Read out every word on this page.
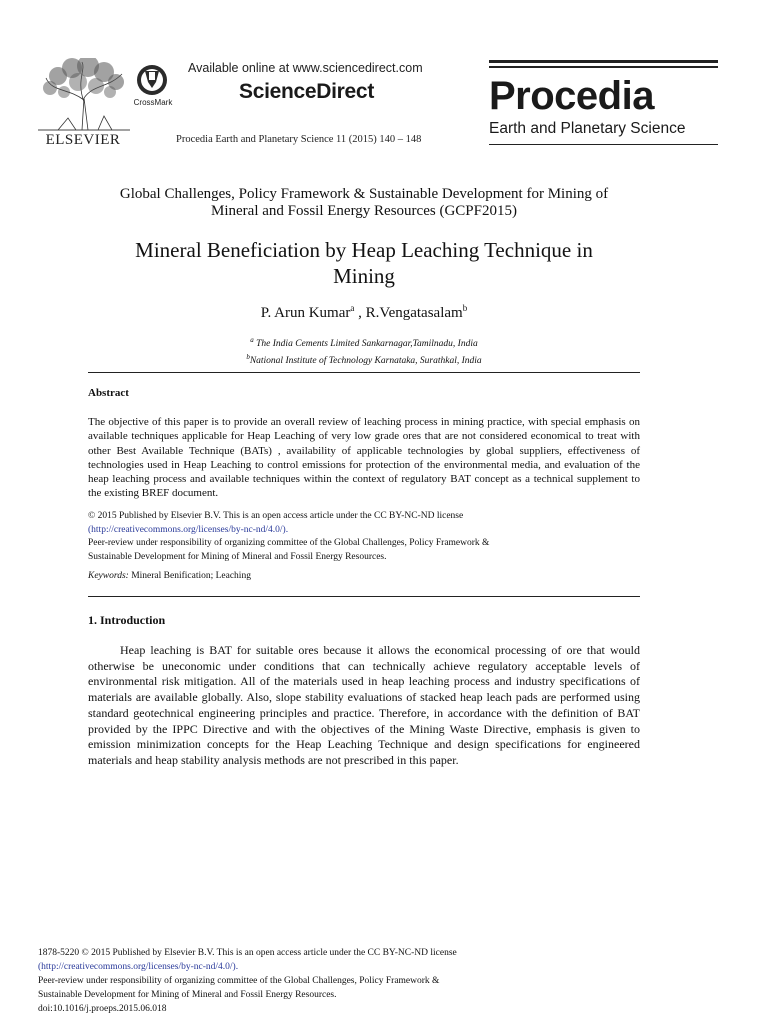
ELSEVIER
CrossMark
Available online at www.sciencedirect.com
ScienceDirect
Procedia Earth and Planetary Science 11 (2015) 140 – 148
Procedia
Earth and Planetary Science
Global Challenges, Policy Framework & Sustainable Development for Mining of
Mineral and Fossil Energy Resources (GCPF2015)
Mineral Beneficiation by Heap Leaching Technique in
Mining
P. Arun Kumar$^a$ , R.Vengatasalam$^b$
$^a$ The India Cements Limited Sankarnagar,Tamilnadu, India
$^b$National Institute of Technology Karnataka, Surathkal, India
Abstract
The objective of this paper is to provide an overall review of leaching process in mining practice, with special emphasis on available techniques applicable for Heap Leaching of very low grade ores that are not considered economical to treat with other Best Available Technique (BATs) , availability of applicable technologies by global suppliers, effectiveness of technologies used in Heap Leaching to control emissions for protection of the environmental media, and evaluation of the heap leaching process and available techniques within the context of regulatory BAT concept as a technical supplement to the existing BREF document.
© 2015 Published by Elsevier B.V. This is an open access article under the CC BY-NC-ND license
(http://creativecommons.org/licenses/by-nc-nd/4.0/).
Peer-review under responsibility of organizing committee of the Global Challenges, Policy Framework &
Sustainable Development for Mining of Mineral and Fossil Energy Resources.
Keywords: Mineral Benification; Leaching
1. Introduction
Heap leaching is BAT for suitable ores because it allows the economical processing of ore that would otherwise be uneconomic under conditions that can technically achieve regulatory acceptable levels of environmental risk mitigation. All of the materials used in heap leaching process and industry specifications of materials are available globally. Also, slope stability evaluations of stacked heap leach pads are performed using standard geotechnical engineering principles and practice. Therefore, in accordance with the definition of BAT provided by the IPPC Directive and with the objectives of the Mining Waste Directive, emphasis is given to emission minimization concepts for the Heap Leaching Technique and design specifications for engineered materials and heap stability analysis methods are not prescribed in this paper.
1878-5220 © 2015 Published by Elsevier B.V. This is an open access article under the CC BY-NC-ND license
(http://creativecommons.org/licenses/by-nc-nd/4.0/).
Peer-review under responsibility of organizing committee of the Global Challenges, Policy Framework &
Sustainable Development for Mining of Mineral and Fossil Energy Resources.
doi:10.1016/j.proeps.2015.06.018
